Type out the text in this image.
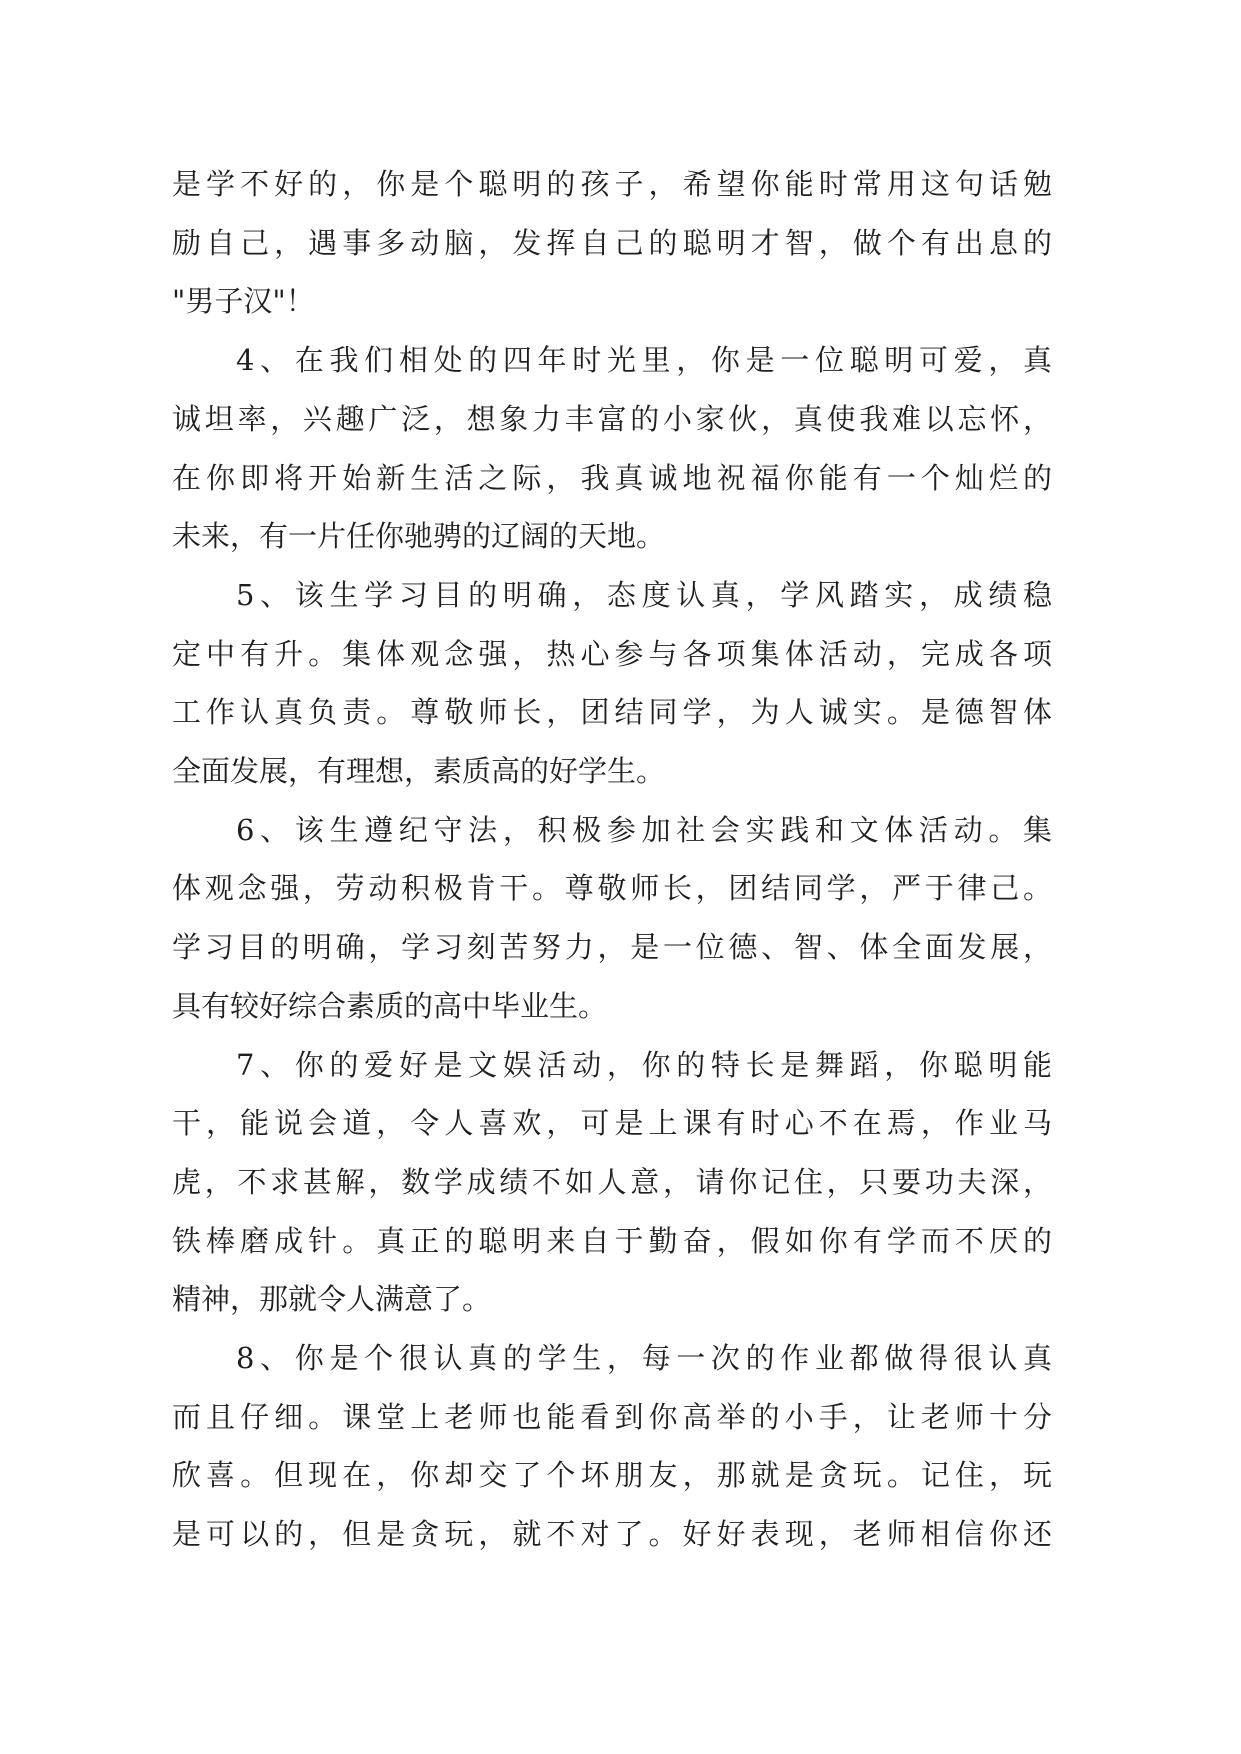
是学不好的，你是个聪明的孩子，希望你能时常用这句话勉
励自己，遇事多动脑，发挥自己的聪明才智，做个有出息的
"男子汉"！
4、在我们相处的四年时光里，你是一位聪明可爱，真
诚坦率，兴趣广泛，想象力丰富的小家伙，真使我难以忘怀，
在你即将开始新生活之际，我真诚地祝福你能有一个灿烂的
未来，有一片任你驰骋的辽阔的天地。
5、该生学习目的明确，态度认真，学风踏实，成绩稳
定中有升。集体观念强，热心参与各项集体活动，完成各项
工作认真负责。尊敬师长，团结同学，为人诚实。是德智体
全面发展，有理想，素质高的好学生。
6、该生遵纪守法，积极参加社会实践和文体活动。集
体观念强，劳动积极肯干。尊敬师长，团结同学，严于律己。
学习目的明确，学习刻苦努力，是一位德、智、体全面发展，
具有较好综合素质的高中毕业生。
7、你的爱好是文娱活动，你的特长是舞蹈，你聪明能
干，能说会道，令人喜欢，可是上课有时心不在焉，作业马
虎，不求甚解，数学成绩不如人意，请你记住，只要功夫深，
铁棒磨成针。真正的聪明来自于勤奋，假如你有学而不厌的
精神，那就令人满意了。
8、你是个很认真的学生，每一次的作业都做得很认真
而且仔细。课堂上老师也能看到你高举的小手，让老师十分
欣喜。但现在，你却交了个坏朋友，那就是贪玩。记住，玩
是可以的，但是贪玩，就不对了。好好表现，老师相信你还
